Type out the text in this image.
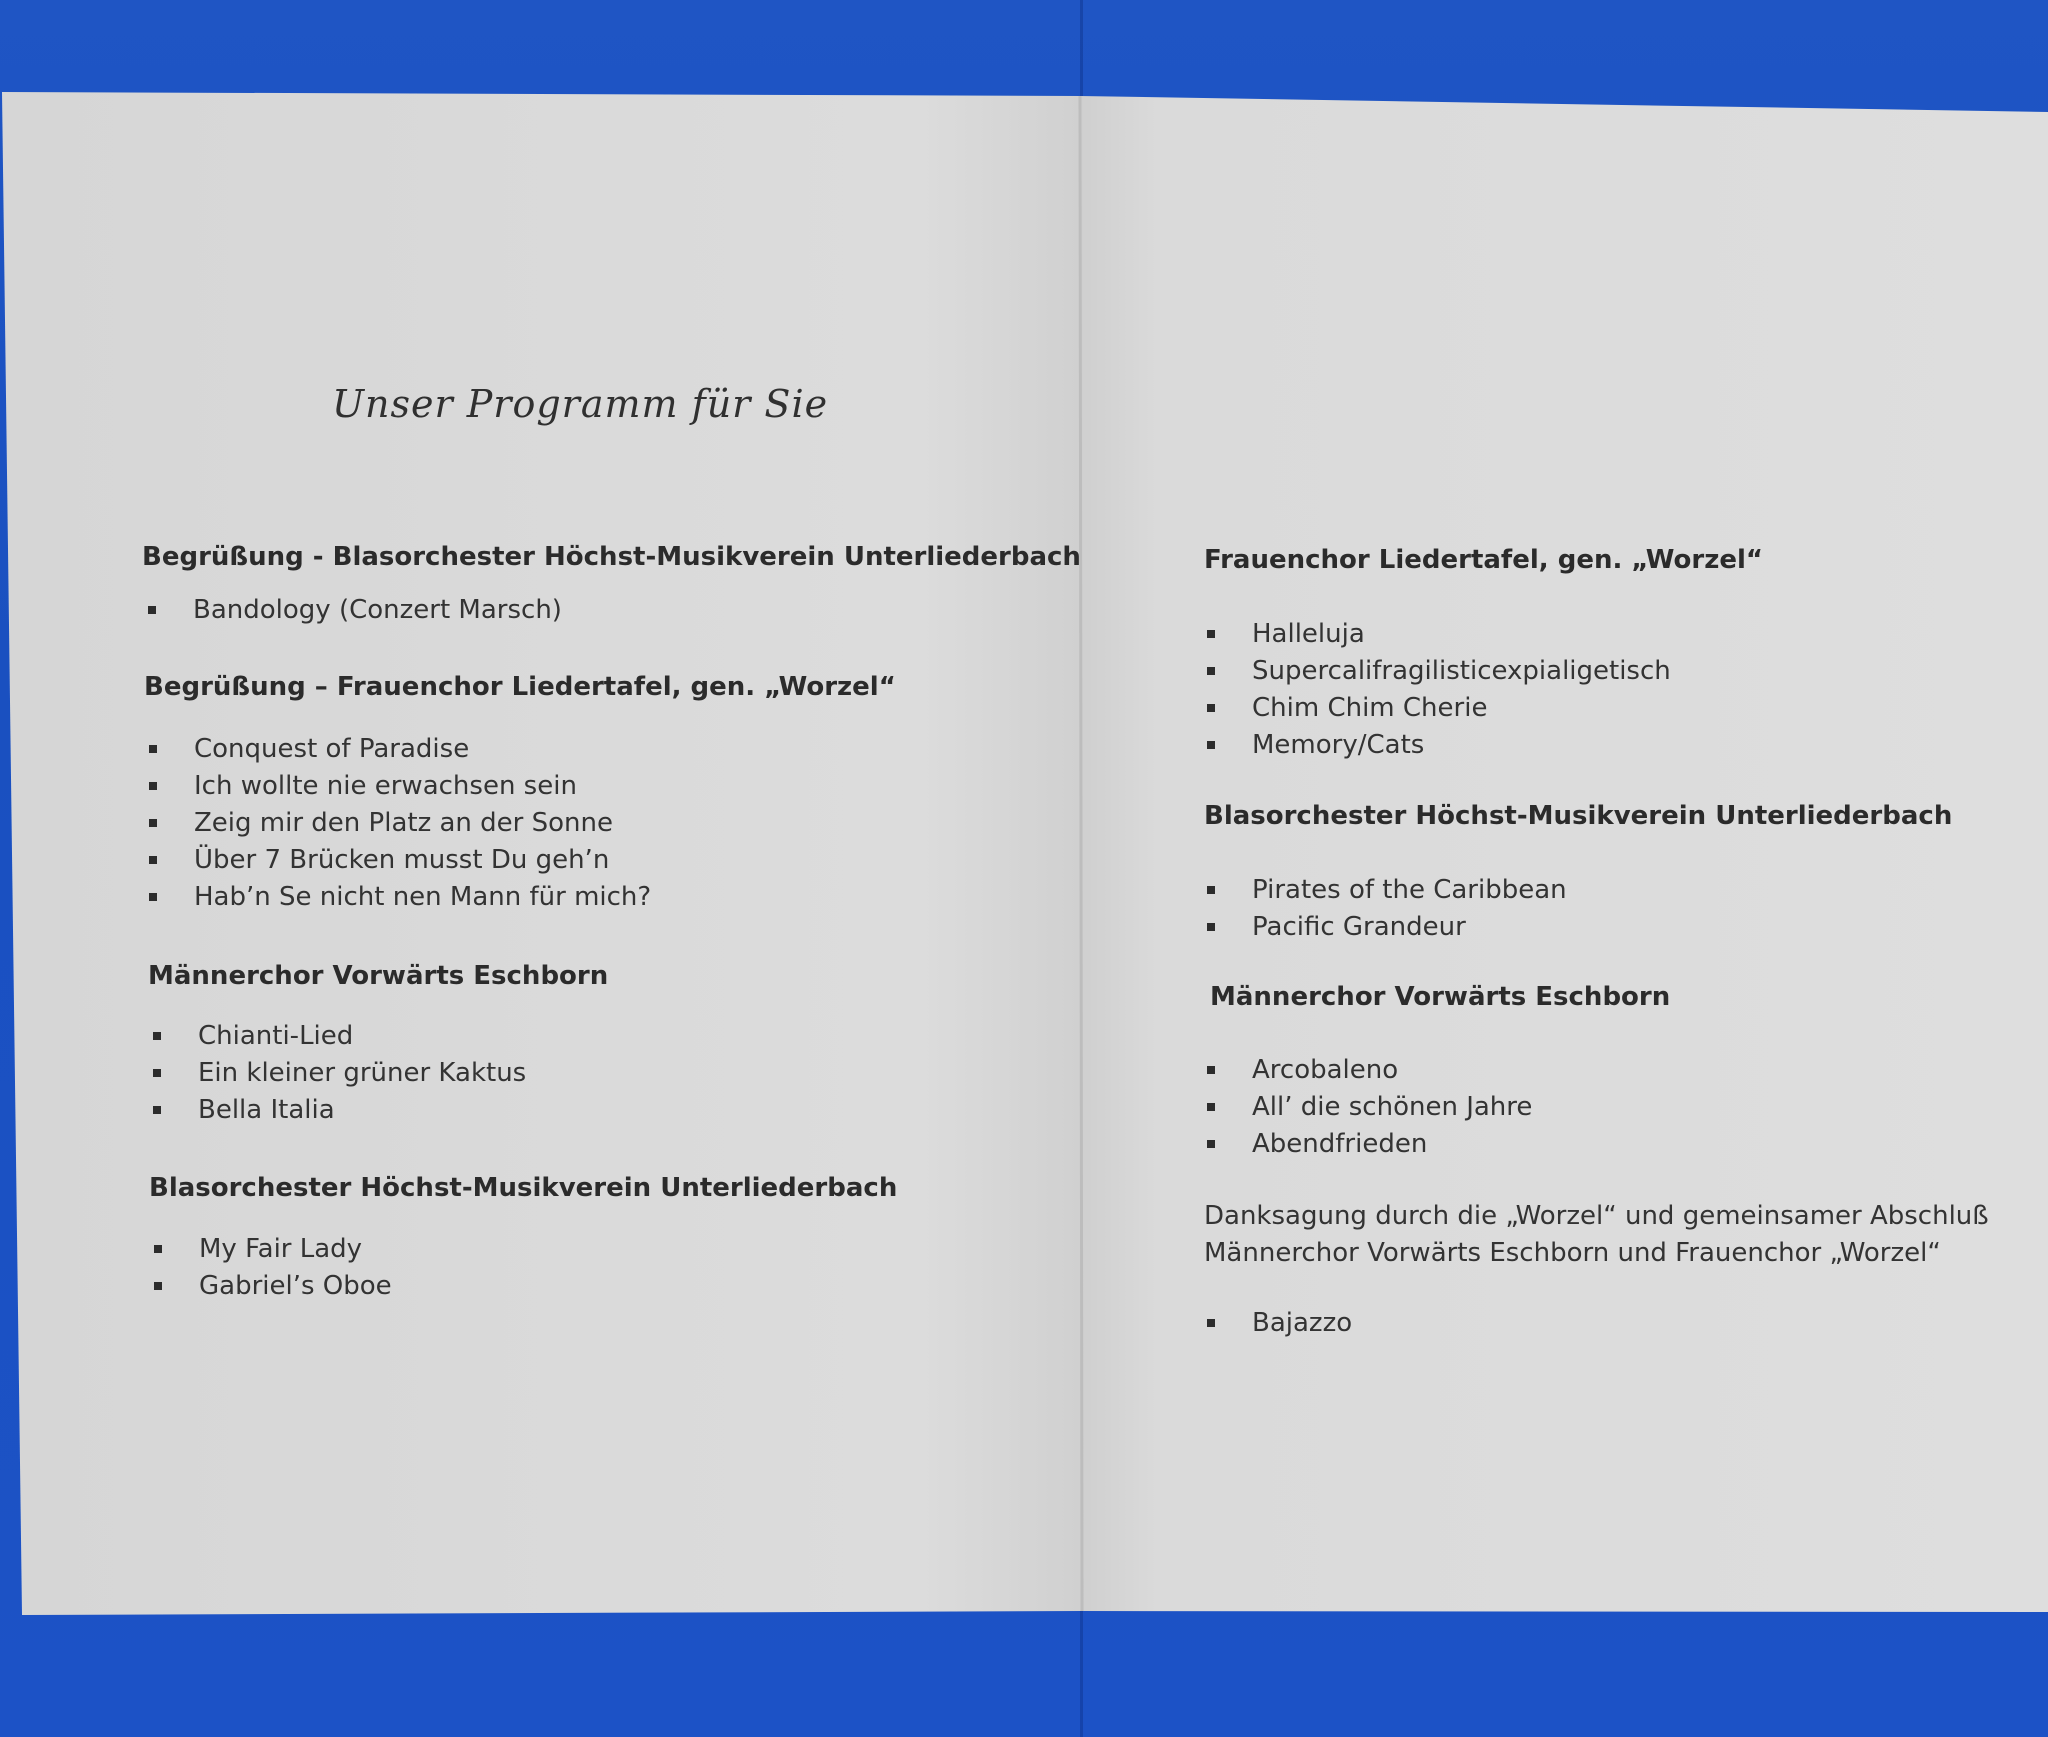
Unser Programm für Sie
Begrüßung - Blasorchester Höchst-Musikverein Unterliederbach
Bandology (Conzert Marsch)
Begrüßung – Frauenchor Liedertafel, gen. „Worzel“
Conquest of Paradise
Ich wollte nie erwachsen sein
Zeig mir den Platz an der Sonne
Über 7 Brücken musst Du geh’n
Hab’n Se nicht nen Mann für mich?
Männerchor Vorwärts Eschborn
Chianti-Lied
Ein kleiner grüner Kaktus
Bella Italia
Blasorchester Höchst-Musikverein Unterliederbach
My Fair Lady
Gabriel’s Oboe
Frauenchor Liedertafel, gen. „Worzel“
Halleluja
Supercalifragilisticexpialigetisch
Chim Chim Cherie
Memory/Cats
Blasorchester Höchst-Musikverein Unterliederbach
Pirates of the Caribbean
Pacific Grandeur
Männerchor Vorwärts Eschborn
Arcobaleno
All’ die schönen Jahre
Abendfrieden
Danksagung durch die „Worzel“ und gemeinsamer Abschluß
Männerchor Vorwärts Eschborn und Frauenchor „Worzel“
Bajazzo
